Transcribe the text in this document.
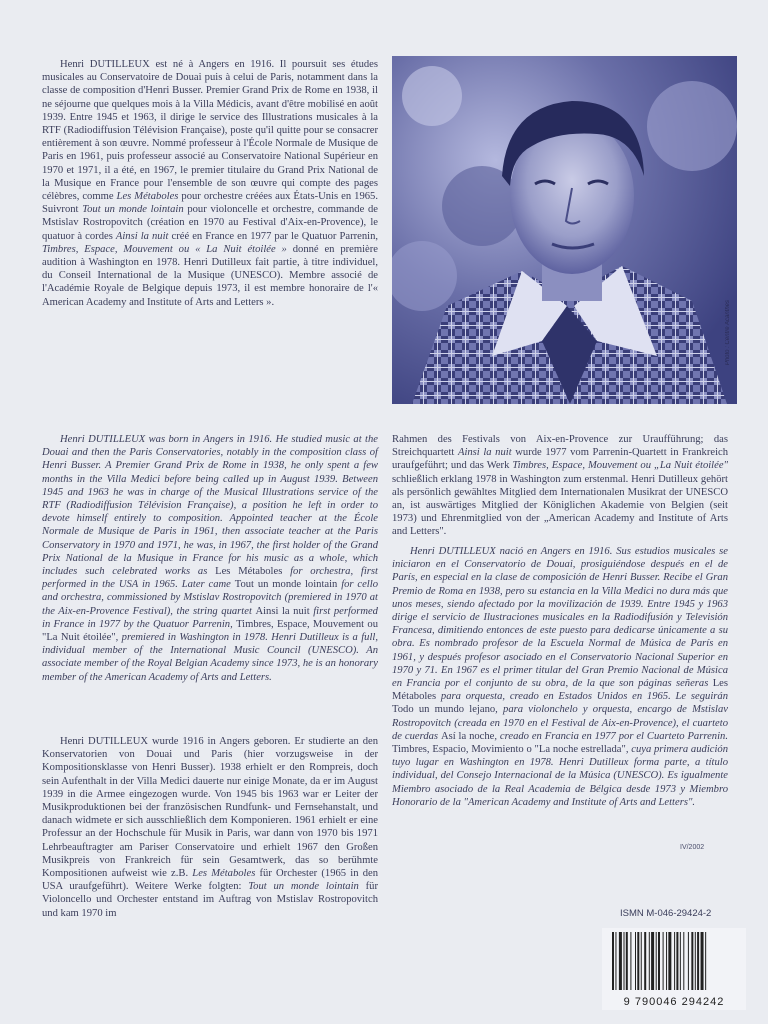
Henri DUTILLEUX est né à Angers en 1916. Il poursuit ses études musicales au Conservatoire de Douai puis à celui de Paris, notamment dans la classe de composition d'Henri Busser. Premier Grand Prix de Rome en 1938, il ne séjourne que quelques mois à la Villa Médicis, avant d'être mobilisé en août 1939. Entre 1945 et 1963, il dirige le service des Illustrations musicales à la RTF (Radiodiffusion Télévision Française), poste qu'il quitte pour se consacrer entièrement à son œuvre. Nommé professeur à l'École Normale de Musique de Paris en 1961, puis professeur associé au Conservatoire National Supérieur en 1970 et 1971, il a été, en 1967, le premier titulaire du Grand Prix National de la Musique en France pour l'ensemble de son œuvre qui compte des pages célèbres, comme Les Métaboles pour orchestre créées aux États-Unis en 1965. Suivront Tout un monde lointain pour violoncelle et orchestre, commande de Mstislav Rostropovitch (création en 1970 au Festival d'Aix-en-Provence), le quatuor à cordes Ainsi la nuit créé en France en 1977 par le Quatuor Parrenin, Timbres, Espace, Mouvement ou « La Nuit étoilée » donné en première audition à Washington en 1978. Henri Dutilleux fait partie, à titre individuel, du Conseil International de la Musique (UNESCO). Membre associé de l'Académie Royale de Belgique depuis 1973, il est membre honoraire de l'« American Academy and Institute of Arts and Letters ».

Henri DUTILLEUX was born in Angers in 1916. He studied music at the Douai and then the Paris Conservatories, notably in the composition class of Henri Busser. A Premier Grand Prix de Rome in 1938, he only spent a few months in the Villa Medici before being called up in August 1939. Between 1945 and 1963 he was in charge of the Musical Illustrations service of the RTF (Radiodiffusion Télévision Française), a position he left in order to devote himself entirely to composition. Appointed teacher at the École Normale de Musique de Paris in 1961, then associate teacher at the Paris Conservatory in 1970 and 1971, he was, in 1967, the first holder of the Grand Prix National de la Musique in France for his music as a whole, which includes such celebrated works as Les Métaboles for orchestra, first performed in the USA in 1965. Later came Tout un monde lointain for cello and orchestra, commissioned by Mstislav Rostropovitch (premiered in 1970 at the Aix-en-Provence Festival), the string quartet Ainsi la nuit first performed in France in 1977 by the Quatuor Parrenin, Timbres, Espace, Mouvement ou "La Nuit étoilée", premiered in Washington in 1978. Henri Dutilleux is a full, individual member of the International Music Council (UNESCO). An associate member of the Royal Belgian Academy since 1973, he is an honorary member of the American Academy of Arts and Letters.

Henri DUTILLEUX wurde 1916 in Angers geboren. Er studierte an den Konservatorien von Douai und Paris (hier vorzugsweise in der Kompositionsklasse von Henri Busser). 1938 erhielt er den Rompreis, doch sein Aufenthalt in der Villa Medici dauerte nur einige Monate, da er im August 1939 in die Armee eingezogen wurde. Von 1945 bis 1963 war er Leiter der Musikproduktionen bei der französischen Rundfunk- und Fernsehanstalt, und danach widmete er sich ausschließlich dem Komponieren. 1961 erhielt er eine Professur an der Hochschule für Musik in Paris, war dann von 1970 bis 1971 Lehrbeauftragter am Pariser Conservatoire und erhielt 1967 den Großen Musikpreis von Frankreich für sein Gesamtwerk, das so berühmte Kompositionen aufweist wie z.B. Les Métaboles für Orchester (1965 in den USA uraufgeführt). Weitere Werke folgten: Tout un monde lointain für Violoncello und Orchester entstand im Auftrag von Mstislav Rostropovitch und kam 1970 im

Rahmen des Festivals von Aix-en-Provence zur Uraufführung; das Streichquartett Ainsi la nuit wurde 1977 vom Parrenin-Quartett in Frankreich uraufgeführt; und das Werk Timbres, Espace, Mouvement ou „La Nuit étoilée" schließlich erklang 1978 in Washington zum erstenmal. Henri Dutilleux gehört als persönlich gewähltes Mitglied dem Internationalen Musikrat der UNESCO an, ist auswärtiges Mitglied der Königlichen Akademie von Belgien (seit 1973) und Ehrenmitglied von der „American Academy and Institute of Arts and Letters".

Henri DUTILLEUX nació en Angers en 1916. Sus estudios musicales se iniciaron en el Conservatorio de Douai, prosiguiéndose después en el de París, en especial en la clase de composición de Henri Busser. Recibe el Gran Premio de Roma en 1938, pero su estancia en la Villa Medici no dura más que unos meses, siendo afectado por la movilización de 1939. Entre 1945 y 1963 dirige el servicio de Ilustraciones musicales en la Radiodifusión y Televisión Francesa, dimitiendo entonces de este puesto para dedicarse únicamente a su obra. Es nombrado profesor de la Escuela Normal de Música de París en 1961, y después profesor asociado en el Conservatorio Nacional Superior en 1970 y 71. En 1967 es el primer titular del Gran Premio Nacional de Música en Francia por el conjunto de su obra, de la que son páginas señeras Les Métaboles para orquesta, creado en Estados Unidos en 1965. Le seguirán Todo un mundo lejano, para violonchelo y orquesta, encargo de Mstislav Rostropovitch (creada en 1970 en el Festival de Aix-en-Provence), el cuarteto de cuerdas Así la noche, creado en Francia en 1977 por el Cuarteto Parrenin. Timbres, Espacio, Movimiento o "La noche estrellada", cuya primera audición tuyo lugar en Washington en 1978. Henri Dutilleux forma parte, a título individual, del Consejo Internacional de la Música (UNESCO). Es igualmente Miembro asociado de la Real Academia de Bélgica desde 1973 y Miembro Honorario de la "American Academy and Institute of Arts and Letters".

Photo : Centre Acanthes
IV/2002
ISMN M-046-29424-2
9 790046 294242
